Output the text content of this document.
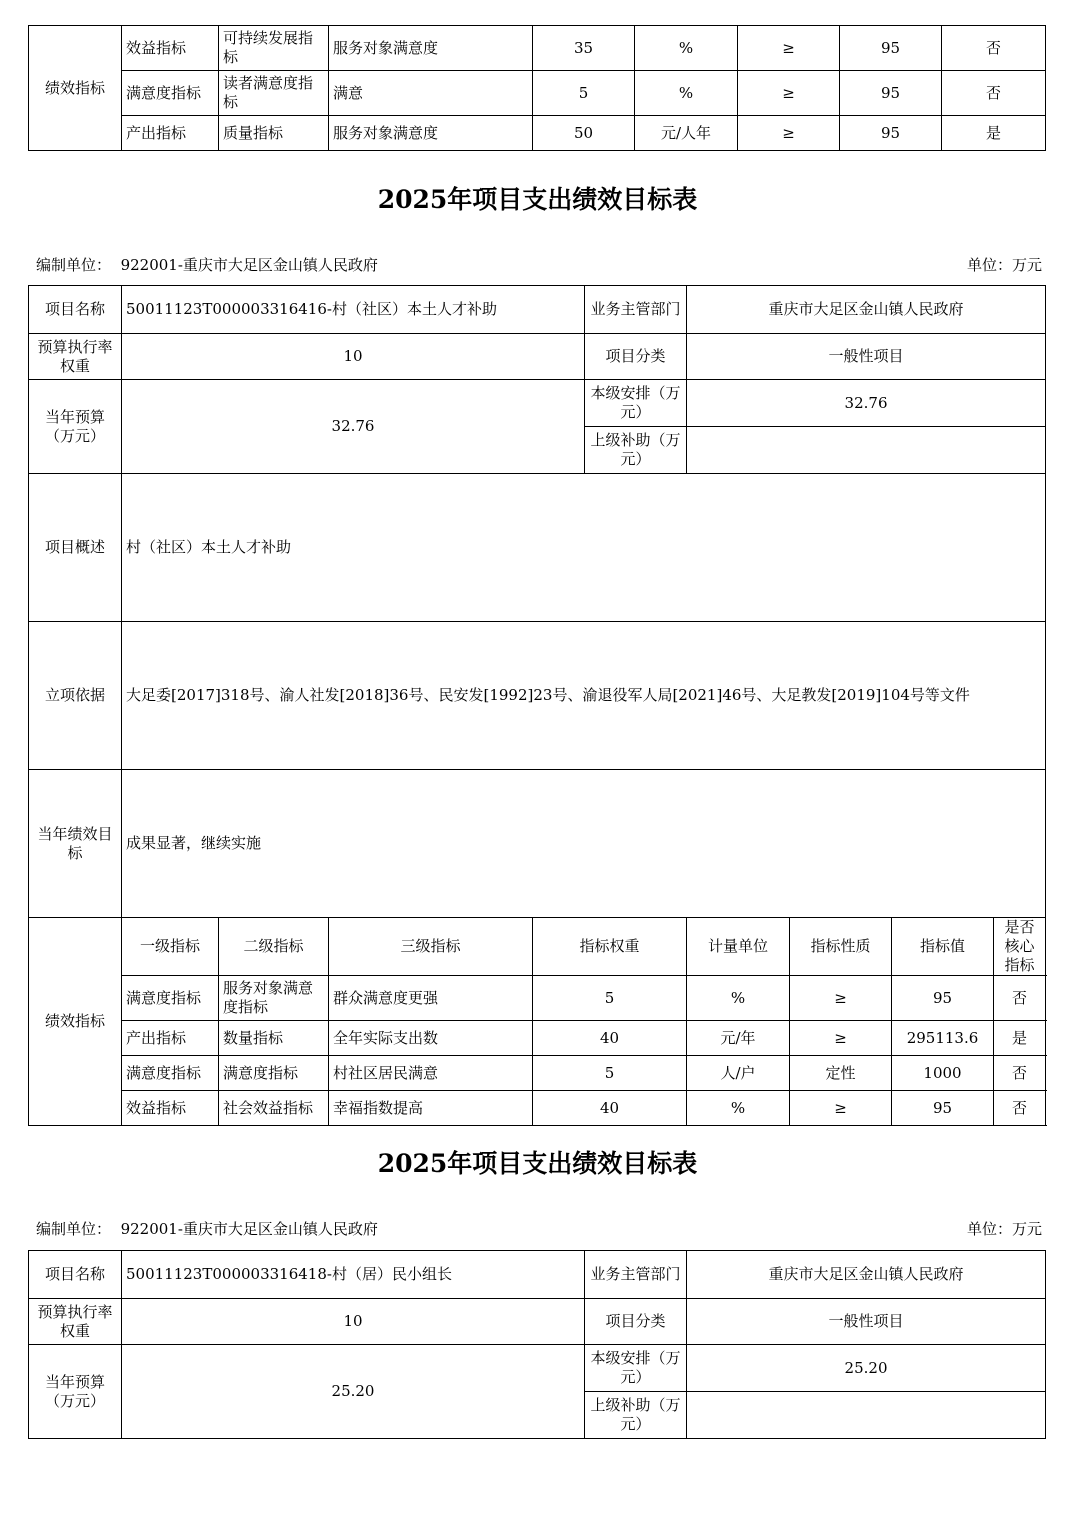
绩效指标	效益指标	可持续发展指标	服务对象满意度	35	%	≥	95	否
	满意度指标	读者满意度指标	满意	5	%	≥	95	否
	产出指标	质量指标	服务对象满意度	50	元/人年	≥	95	是
2025年项目支出绩效目标表
编制单位： 922001-重庆市大足区金山镇人民政府	单位：万元
项目名称	50011123T000003316416-村（社区）本土人才补助				业务主管部门	重庆市大足区金山镇人民政府			
预算执行率权重	10				项目分类	一般性项目			
当年预算（万元）	32.76				本级安排（万元）	32.76			
					上级补助（万元）				
项目概述	村（社区）本土人才补助								
立项依据	大足委[2017]318号、渝人社发[2018]36号、民安发[1992]23号、渝退役军人局[2021]46号、大足教发[2019]104号等文件								
当年绩效目标	成果显著，继续实施								
绩效指标	一级指标	二级指标	三级指标	指标权重		计量单位	指标性质	指标值	是否核心指标
	满意度指标	服务对象满意度指标	群众满意度更强	5		%	≥	95	否
	产出指标	数量指标	全年实际支出数	40		元/年	≥	295113.6	是
	满意度指标	满意度指标	村社区居民满意	5		人/户	定性	1000	否
	效益指标	社会效益指标	幸福指数提高	40		%	≥	95	否
2025年项目支出绩效目标表
编制单位： 922001-重庆市大足区金山镇人民政府	单位：万元
项目名称	50011123T000003316418-村（居）民小组长	业务主管部门	重庆市大足区金山镇人民政府
预算执行率权重	10	项目分类	一般性项目
当年预算（万元）	25.20	本级安排（万元）	25.20
		上级补助（万元）	
